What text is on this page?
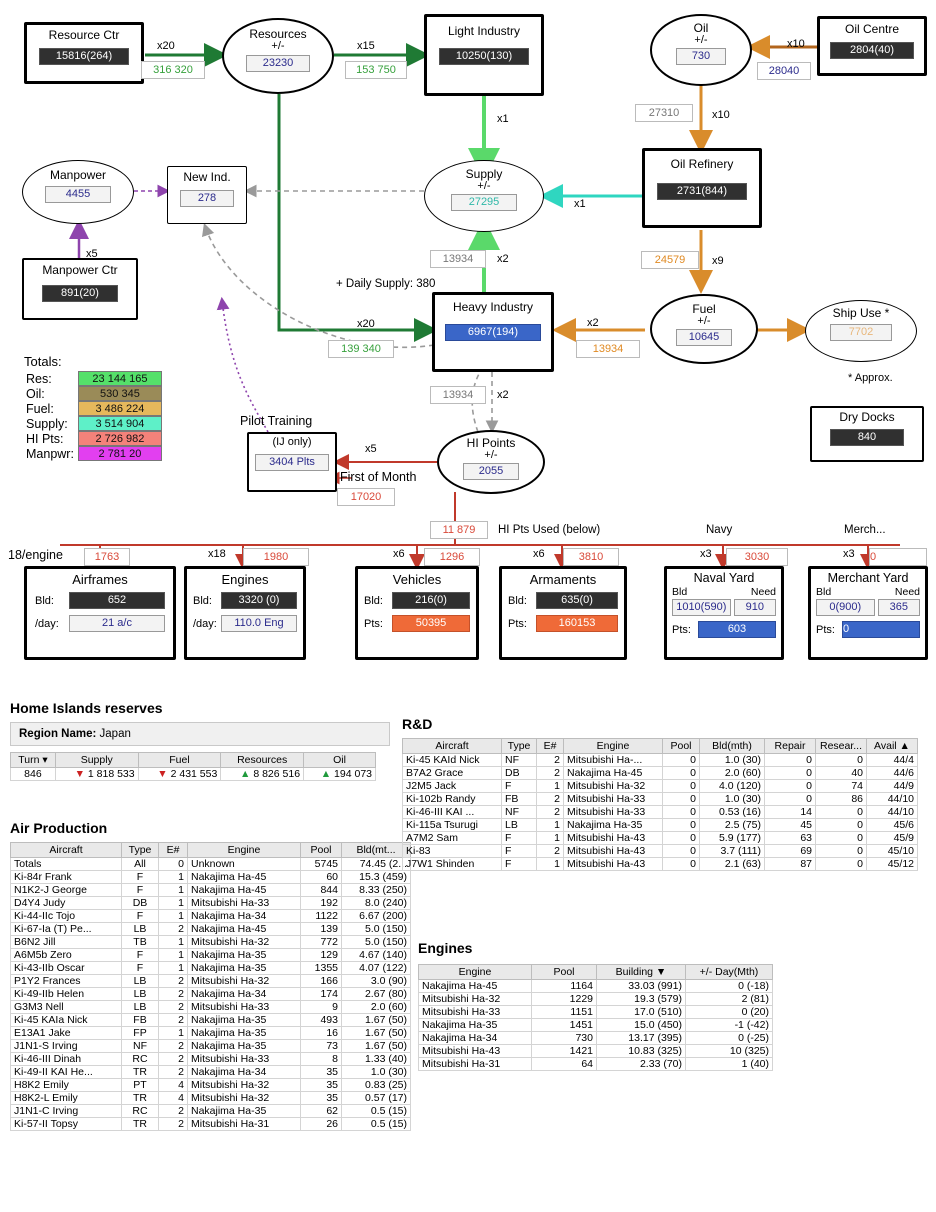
Resource Ctr
15816(264)
Resources
+/-
23230
Light Industry
10250(130)
Oil
+/-
730
Oil Centre
2804(40)
Manpower
4455
New Ind.
278
Supply
+/-
27295
Oil Refinery
2731(844)
Manpower Ctr
891(20)
Heavy Industry
6967(194)
Fuel
+/-
10645
Ship Use *
7702
* Approx.
(IJ only)
3404 Plts
Pilot Training
HI Points
+/-
2055
Dry Docks
840
x20
316 320
x15
153 750
x1
x10
28040
27310	x10
x1
x5	13934	x2
+ Daily Supply: 380
x20
139 340
24579	x9
x2
13934
13934	x2
x5
First of Month
17020
11 879	HI Pts Used (below)	Navy	Merch...
18/engine	1763	x18	1980	x6	1296	x6	3810	x3	3030	x3 0
Totals:
Res:	23 144 165
Oil:	530 345
Fuel:	3 486 224
Supply:	3 514 904
HI Pts:	2 726 982
Manpwr:	2 781 20
Airframes
Bld:	652
/day:	21 a/c
Engines
Bld:	3320 (0)
/day:	110.0 Eng
Vehicles
Bld:	216(0)
Pts:	50395
Armaments
Bld:	635(0)
Pts:	160153
Naval Yard
Bld	Need
1010(590)	910
Pts:	603
Merchant Yard
Bld	Need
0(900)	365
Pts: 0
Home Islands reserves
Region Name: Japan
Turn ▾	Supply	Fuel	Resources	Oil
846	▼ 1 818 533	▼ 2 431 553	▲ 8 826 516	▲ 194 073
Air Production
Aircraft	Type	E#	Engine	Pool	Bld(mt...
Totals	All	0	Unknown	5745	74.45 (2...
Ki-84r Frank	F	1	Nakajima Ha-45	60	15.3 (459)
N1K2-J George	F	1	Nakajima Ha-45	844	8.33 (250)
D4Y4 Judy	DB	1	Mitsubishi Ha-33	192	8.0 (240)
Ki-44-IIc Tojo	F	1	Nakajima Ha-34	1122	6.67 (200)
Ki-67-Ia (T) Pe...	LB	2	Nakajima Ha-45	139	5.0 (150)
B6N2 Jill	TB	1	Mitsubishi Ha-32	772	5.0 (150)
A6M5b Zero	F	1	Nakajima Ha-35	129	4.67 (140)
Ki-43-IIb Oscar	F	1	Nakajima Ha-35	1355	4.07 (122)
P1Y2 Frances	LB	2	Mitsubishi Ha-32	166	3.0 (90)
Ki-49-IIb Helen	LB	2	Nakajima Ha-34	174	2.67 (80)
G3M3 Nell	LB	2	Mitsubishi Ha-33	9	2.0 (60)
Ki-45 KAIa Nick	FB	2	Nakajima Ha-35	493	1.67 (50)
E13A1 Jake	FP	1	Nakajima Ha-35	16	1.67 (50)
J1N1-S Irving	NF	2	Nakajima Ha-35	73	1.67 (50)
Ki-46-III Dinah	RC	2	Mitsubishi Ha-33	8	1.33 (40)
Ki-49-II KAI He...	TR	2	Nakajima Ha-34	35	1.0 (30)
H8K2 Emily	PT	4	Mitsubishi Ha-32	35	0.83 (25)
H8K2-L Emily	TR	4	Mitsubishi Ha-32	35	0.57 (17)
J1N1-C Irving	RC	2	Nakajima Ha-35	62	0.5 (15)
Ki-57-II Topsy	TR	2	Mitsubishi Ha-31	26	0.5 (15)
R&D
Aircraft	Type	E#	Engine	Pool	Bld(mth)	Repair	Resear...	Avail ▲
Ki-45 KAId Nick	NF	2	Mitsubishi Ha-...	0	1.0 (30)	0	0	44/4
B7A2 Grace	DB	2	Nakajima Ha-45	0	2.0 (60)	0	40	44/6
J2M5 Jack	F	1	Mitsubishi Ha-32	0	4.0 (120)	0	74	44/9
Ki-102b Randy	FB	2	Mitsubishi Ha-33	0	1.0 (30)	0	86	44/10
Ki-46-III KAI ...	NF	2	Mitsubishi Ha-33	0	0.53 (16)	14	0	44/10
Ki-115a Tsurugi	LB	1	Nakajima Ha-35	0	2.5 (75)	45	0	45/6
A7M2 Sam	F	1	Mitsubishi Ha-43	0	5.9 (177)	63	0	45/9
Ki-83	F	2	Mitsubishi Ha-43	0	3.7 (111)	69	0	45/10
J7W1 Shinden	F	1	Mitsubishi Ha-43	0	2.1 (63)	87	0	45/12
Engines
Engine	Pool	Building ▼	+/- Day(Mth)
Nakajima Ha-45	1164	33.03 (991)	0 (-18)
Mitsubishi Ha-32	1229	19.3 (579)	2 (81)
Mitsubishi Ha-33	1151	17.0 (510)	0 (20)
Nakajima Ha-35	1451	15.0 (450)	-1 (-42)
Nakajima Ha-34	730	13.17 (395)	0 (-25)
Mitsubishi Ha-43	1421	10.83 (325)	10 (325)
Mitsubishi Ha-31	64	2.33 (70)	1 (40)
